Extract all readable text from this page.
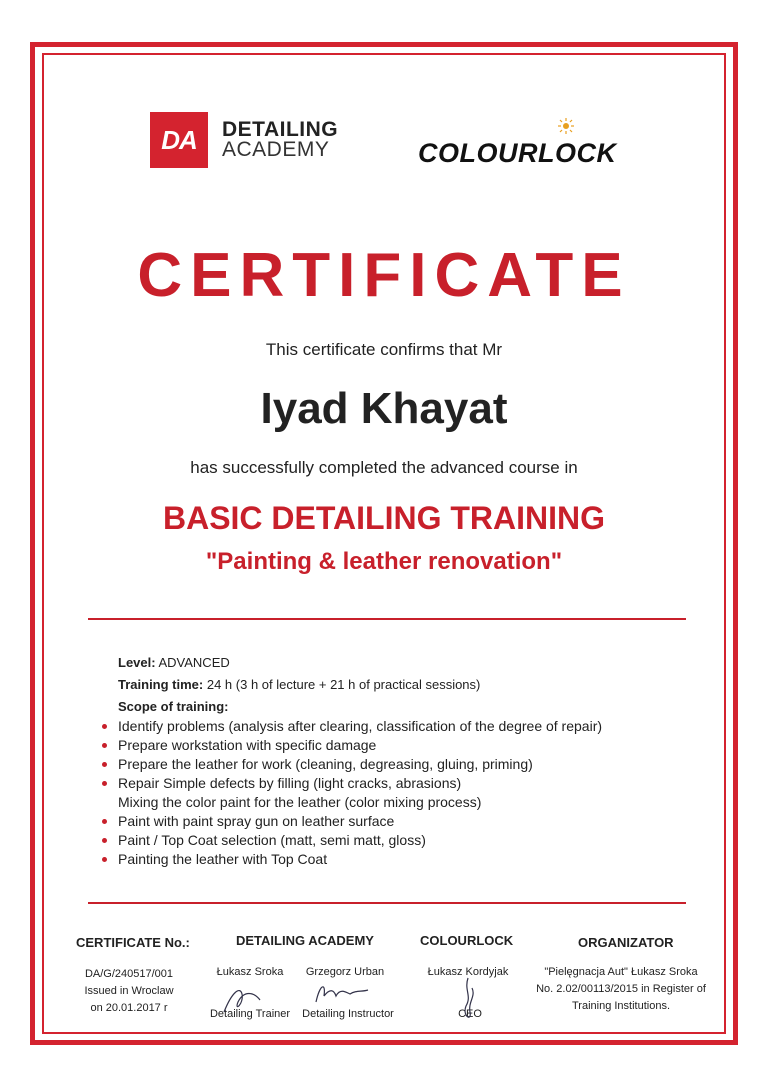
DA	DETAILING
ACADEMY	COLOURLOCK
CERTIFICATE
This certificate confirms that Mr
Iyad Khayat
has successfully completed the advanced course in
BASIC DETAILING TRAINING
"Painting & leather renovation"
Level: ADVANCED
Training time: 24 h (3 h of lecture + 21 h of practical sessions)
Scope of training:
Identify problems (analysis after clearing, classification of the degree of repair)
Prepare workstation with specific damage
Prepare the leather for work (cleaning, degreasing, gluing, priming)
Repair Simple defects by filling (light cracks, abrasions)
Mixing the color paint for the leather (color mixing process)
Paint with paint spray gun on leather surface
Paint / Top Coat selection (matt, semi matt, gloss)
Painting the leather with Top Coat
CERTIFICATE No.:
DA/G/240517/001
Issued in Wroclaw
on 20.01.2017 r
DETAILING ACADEMY
Łukasz Sroka
Detailing Trainer
Grzegorz Urban
Detailing Instructor
COLOURLOCK
Łukasz Kordyjak
CEO
ORGANIZATOR
"Pielęgnacja Aut" Łukasz Sroka
No. 2.02/00113/2015 in Register of
Training Institutions.
